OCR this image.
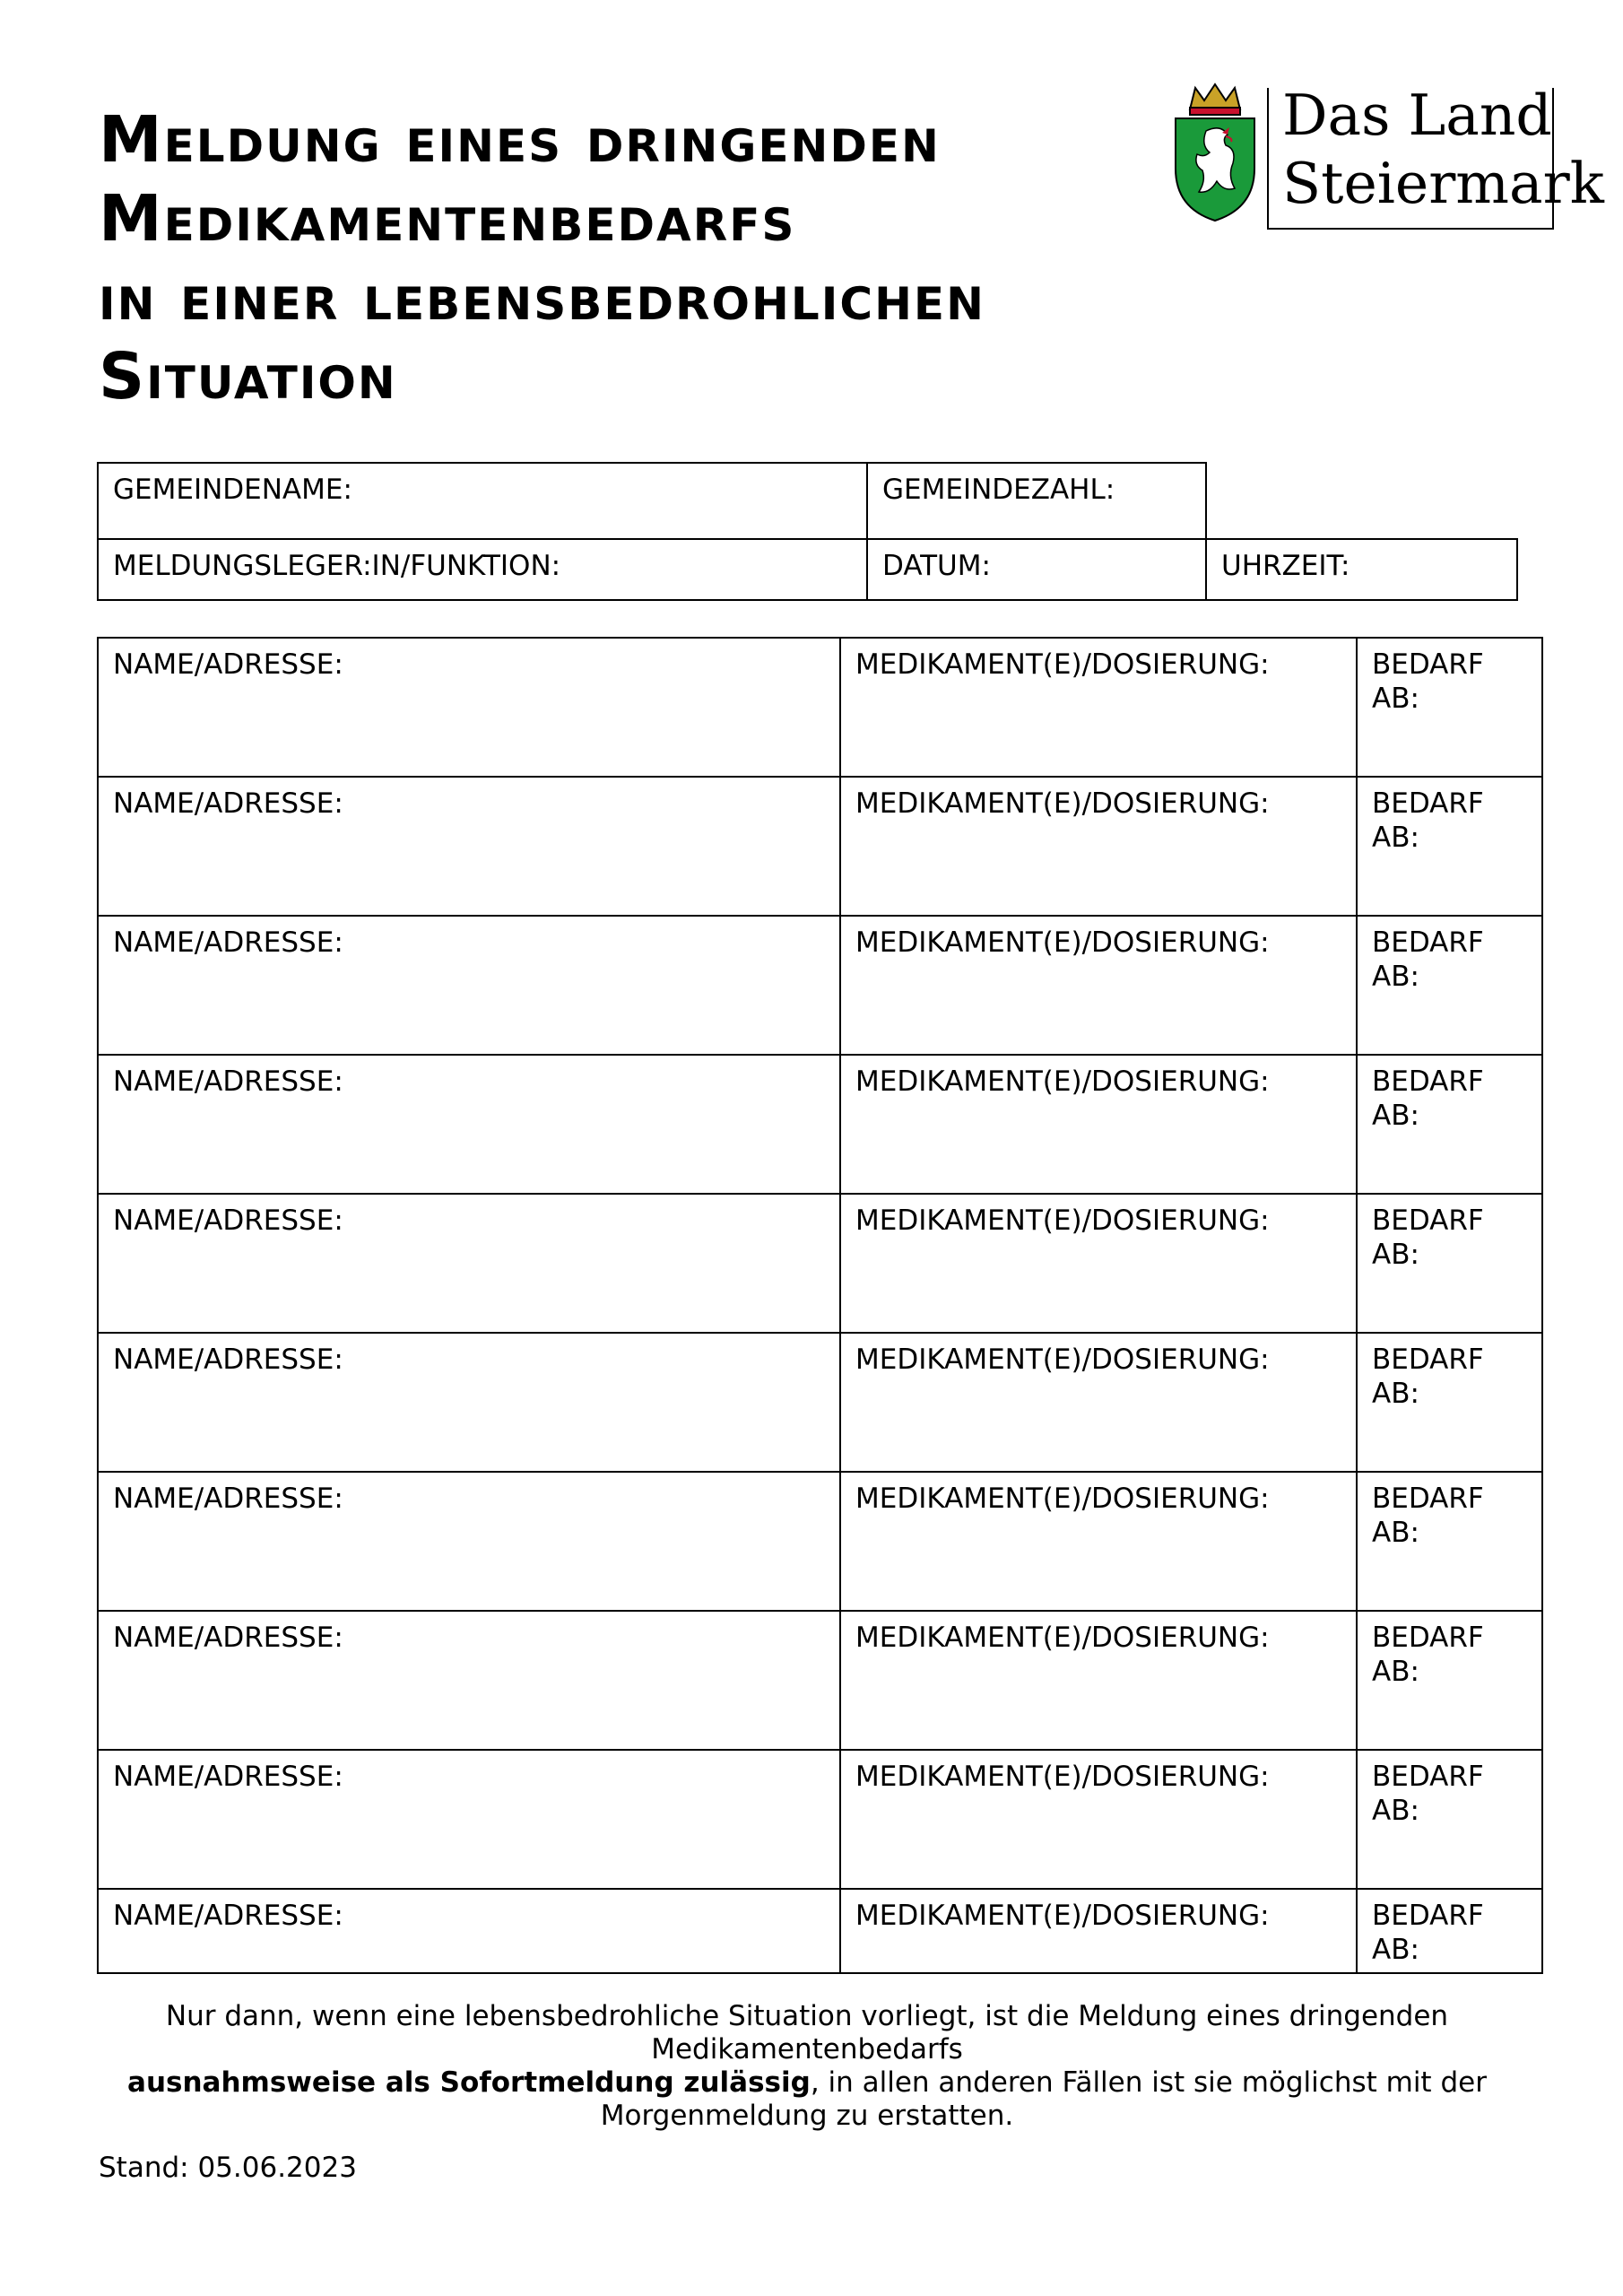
Meldung eines dringenden
Medikamentenbedarfs
in einer lebensbedrohlichen
Situation
Das Land
Steiermark
GEMEINDENAME:	GEMEINDEZAHL:
MELDUNGSLEGER:IN/FUNKTION:	DATUM:	UHRZEIT:
NAME/ADRESSE:	MEDIKAMENT(E)/DOSIERUNG:	BEDARF AB:
NAME/ADRESSE:	MEDIKAMENT(E)/DOSIERUNG:	BEDARF AB:
NAME/ADRESSE:	MEDIKAMENT(E)/DOSIERUNG:	BEDARF AB:
NAME/ADRESSE:	MEDIKAMENT(E)/DOSIERUNG:	BEDARF AB:
NAME/ADRESSE:	MEDIKAMENT(E)/DOSIERUNG:	BEDARF AB:
NAME/ADRESSE:	MEDIKAMENT(E)/DOSIERUNG:	BEDARF AB:
NAME/ADRESSE:	MEDIKAMENT(E)/DOSIERUNG:	BEDARF AB:
NAME/ADRESSE:	MEDIKAMENT(E)/DOSIERUNG:	BEDARF AB:
NAME/ADRESSE:	MEDIKAMENT(E)/DOSIERUNG:	BEDARF AB:
NAME/ADRESSE:	MEDIKAMENT(E)/DOSIERUNG:	BEDARF AB:
Nur dann, wenn eine lebensbedrohliche Situation vorliegt, ist die Meldung eines dringenden Medikamentenbedarfs
ausnahmsweise als Sofortmeldung zulässig, in allen anderen Fällen ist sie möglichst mit der Morgenmeldung zu erstatten.
Stand: 05.06.2023
